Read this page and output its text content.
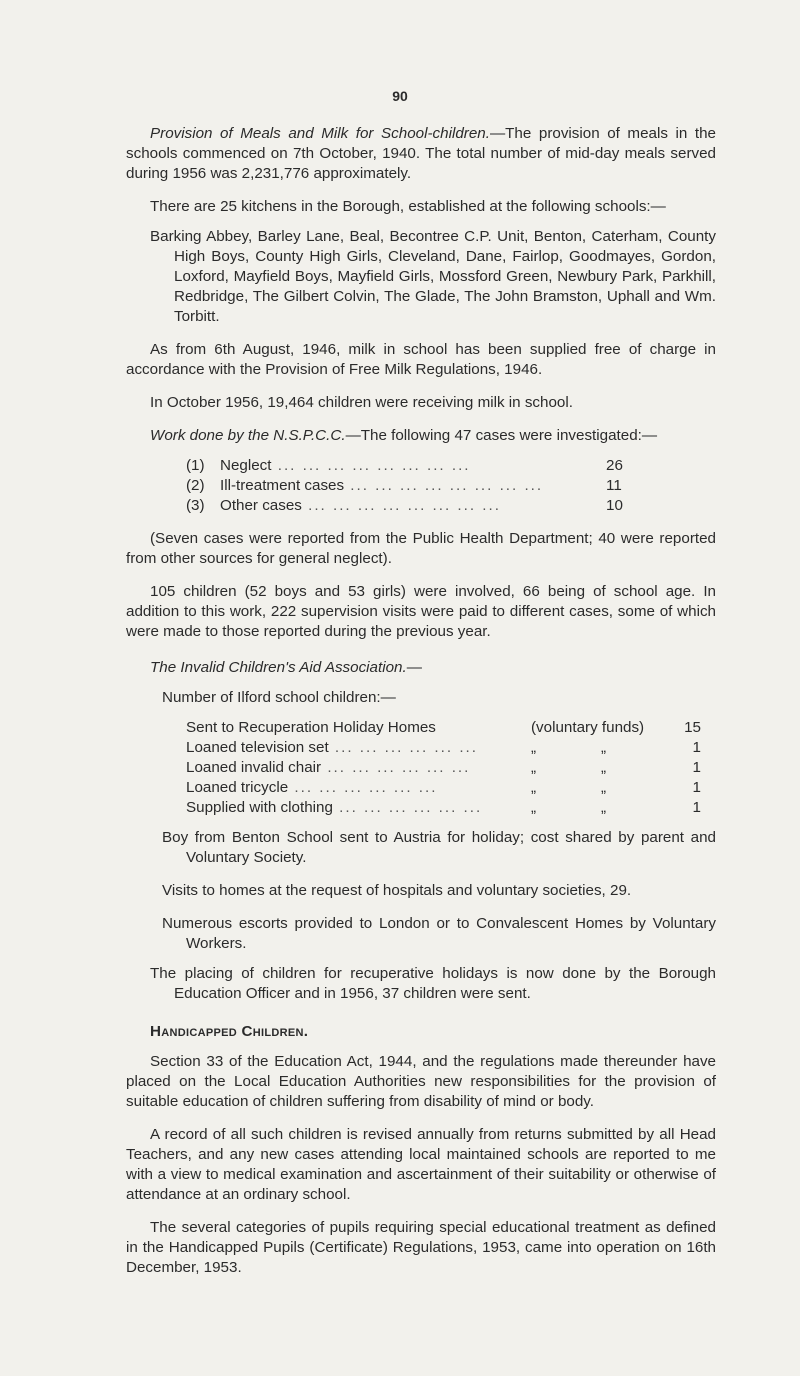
90

Provision of Meals and Milk for School-children.—The provision of meals in the schools commenced on 7th October, 1940. The total number of mid-day meals served during 1956 was 2,231,776 approximately.

There are 25 kitchens in the Borough, established at the following schools:—

Barking Abbey, Barley Lane, Beal, Becontree C.P. Unit, Benton, Caterham, County High Boys, County High Girls, Cleveland, Dane, Fairlop, Goodmayes, Gordon, Loxford, Mayfield Boys, Mayfield Girls, Mossford Green, Newbury Park, Parkhill, Redbridge, The Gilbert Colvin, The Glade, The John Bramston, Uphall and Wm. Torbitt.

As from 6th August, 1946, milk in school has been supplied free of charge in accordance with the Provision of Free Milk Regulations, 1946.

In October 1956, 19,464 children were receiving milk in school.

Work done by the N.S.P.C.C.—The following 47 cases were investigated:—

(1)	Neglect ... ... ... ... ... ... ... ...	26
(2)	Ill-treatment cases ... ... ... ... ... ... ... ...	11
(3)	Other cases ... ... ... ... ... ... ... ...	10

(Seven cases were reported from the Public Health Department; 40 were reported from other sources for general neglect).

105 children (52 boys and 53 girls) were involved, 66 being of school age. In addition to this work, 222 supervision visits were paid to different cases, some of which were made to those reported during the previous year.

The Invalid Children's Aid Association.—

Number of Ilford school children:—

Sent to Recuperation Holiday Homes	(voluntary funds)	15
Loaned television set ... ... ... ... ... ...	„	„	1
Loaned invalid chair ... ... ... ... ... ...	„	„	1
Loaned tricycle ... ... ... ... ... ...	„	„	1
Supplied with clothing ... ... ... ... ... ...	„	„	1

Boy from Benton School sent to Austria for holiday; cost shared by parent and Voluntary Society.

Visits to homes at the request of hospitals and voluntary societies, 29.

Numerous escorts provided to London or to Convalescent Homes by Voluntary Workers.

The placing of children for recuperative holidays is now done by the Borough Education Officer and in 1956, 37 children were sent.

Handicapped Children.

Section 33 of the Education Act, 1944, and the regulations made thereunder have placed on the Local Education Authorities new responsibilities for the provision of suitable education of children suffering from disability of mind or body.

A record of all such children is revised annually from returns submitted by all Head Teachers, and any new cases attending local maintained schools are reported to me with a view to medical examination and ascertainment of their suitability or otherwise of attendance at an ordinary school.

The several categories of pupils requiring special educational treatment as defined in the Handicapped Pupils (Certificate) Regulations, 1953, came into operation on 16th December, 1953.
